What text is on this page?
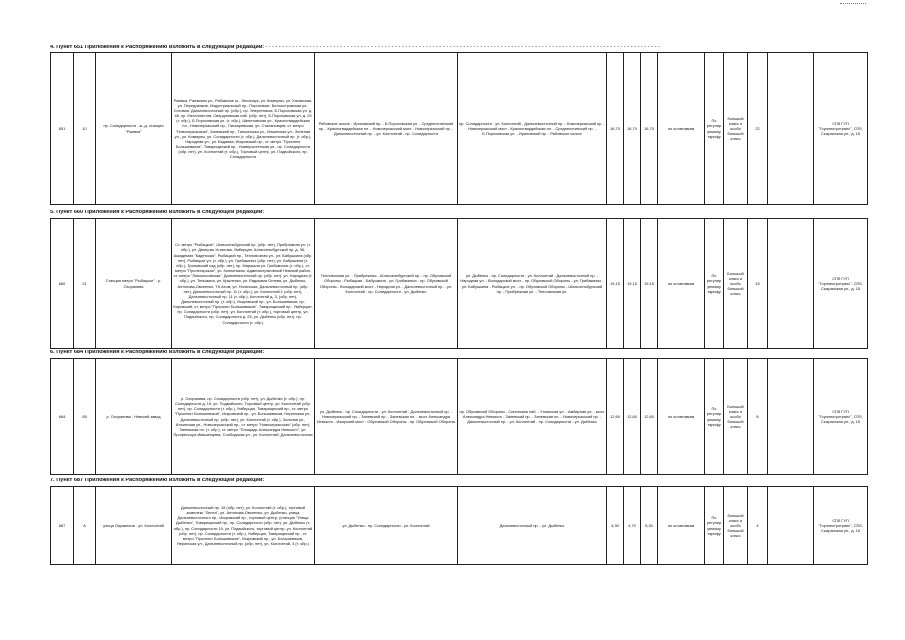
4. Пункт 651 Приложения к Распоряжению изложить в следующей редакции:- - - - - - - - - - - - - - - - - - - - - - - - - - - - - - - - - - - - - - - - - - - - - - - - - - - - - - - - - - - - - - - - - - - - - - - - - - - - - - - - - - - - - - - - - - - - - - - - - - - - - - - - - - - - - - - - - - - -
651	10	пр. Солидарности - ж.-д. станция "Ржевка"	Ржевка, Ржевская ул., Рябовское ш., Лесопарк, ул. Коммуны, ул. Хасанская, ул. Передовиков, Индустриальный пр., Пороховые, Белоостровская ул., Сотовая, Дальневосточный пр. (обр.), пр. Энергетиков, Б.Пороховская ул. д. 48, пр. Металлистов, Свердловская наб. (обр. нет), Б.Пороховская ул. д. 23 (т. обр.), Б.Пороховская ул. (т. обр.), Шепетовская ул., Красногвардейская пл., Новочеркасский пр., Пискаревская, ул. Стахановцев, ст. метро "Новочеркасская", Заневский пр., Тальинская ул., Ильинская ул., Зеленая ул., ул. Коммуны, ул. Солидарности (т. обр.), Дальневосточный пр. (т. обр.), Народная ул., ул. Бадаева, Искровский пр., ст. метро "Проспект Большевиков", Товарищеский пр., Университетская ул., пр. Солидарности (обр. нет), ул. Коллонтай (т. обр.), Торговый центр, ул. Подвойского, пр. Солидарности	Рябовское шоссе - Ириновский пр. - Б.Пороховская ул. - Среднеохтинский пр. - Красногвардейская пл. - Новочеркасский мост - Новочеркасский пр. - Дальневосточный пр. - ул. Коллонтай - пр. Солидарности	пр. Солидарности - ул. Коллонтай - Дальневосточный пр. - Новочеркасский пр. - Новочеркасский мост - Красногвардейская пл. - Среднеохтинский пр. - Б.Пороховская ул. - Ириновский пр. - Рябовское шоссе	16,70	16,70	16,70	по остановкам	По регулируемому тарифу	большой класс и особо большой класс	22		СПб ГУП "Горэлектротранс", СПб, Сызранская ул., д. 15
5. Пункт 660 Приложения к Распоряжению изложить в следующей редакции:
660	21	Станция метро "Рыбацкое" - р. Охоранива	Ст. метро "Рыбацкое", Шлиссельбургский пр. (обр. нет), Прибрежная ул. (т. обр.), ул. Дмитрия Устинова, Умберцан, Шлиссельбургский пр. д. 36, Аккадемия "Кадетская", Рыбацкий пр., Тепловозная ул., ул. Бабушкина (обр. нет), Рыбацкое ул. (т. обр.), ул. Грибакиных (обр. нет), ул. Бабушкина (т. обр.), Триновский сад (обр. нет), пр. Маршала ул. Грибакиных (т. обр.), ст. метро "Пролетарская", ул. Колпинская, Административный Невский район, ст. метро "Ломоносовская", Дальневосточный пр. (обр. нет), ул. Народная (т. обр.), ул. Тельмана, ул. Крыленко, ул. Евдокима Огнева, ул. Дыбенко, Антонова-Овсеенко, ТК Атом, ул. Ногинская, Дальневосточный пр. (обр. нет), Дальневосточный пр. 11 (т. обр.), ул. Коллонтай 1 (обр. нет), Дальневосточный пр. 11 (т. обр.), Коллонтай д. 3, (обр. нет), Дальневосточный пр. (т. обр.), Искровский пр., ул. Большевиков, пр. Кировский, ст. метро "Проспект Большевиков", Товарищеский пр., Умберцан, пр. Солидарности (обр. нет), ул. Коллонтай (т. обр.), торговый центр, ул. Подвойского, пр. Солидарности д. 25, ул. Дыбенко (обр. нет), пр. Солидарности (т. обр.)	Тепловозная ул. - Прибрежная - Шлиссельбургский пр. - пр. Обуховской Обороны - Рыбацкая - Бабушкина - ул. Грибакиных - пр. Обуховской Обороны - Володарский мост - Народная ул. - Дальневосточный пр. - ул. Коллонтай - пр. Солидарности - ул. Дыбенко	ул. Дыбенко - пр. Солидарности - ул. Коллонтай - Дальневосточный пр. - Народная ул. - Володарский мост - пр. Обуховской Обороны - ул. Грибакиных - ул. Бабушкина - Рыбацкое ул. - пр. Обуховской Обороны - Шлиссельбургский пр. - Прибрежная ул. - Тепловозная ул.	19,15	19,15	19,15	по остановкам	По регулируемому тарифу	Большой класс и особо большой класс	15		СПб ГУП "Горэлектротранс", СПб, Сызранская ул., д. 15
6. Пункт 684 Приложения к Распоряжению изложить в следующей редакции:
684	65	р. Охоранива - Невский завод	р. Охоранива, пр. Солидарности (обр. нет), ул. Дыбенко (т. обр.), пр. Солидарности д. 19, ул. Подвойского, Торговый центр, ул. Коллонтай (обр. нет), пр. Солидарности (т. обр.), Умберцан, Товарищеский пр., ст. метро "Проспект Большевиков", Искровский пр., ул. Большевиков, Неринская ул., Дальневосточный пр. (обр. нет), ул. Коллонтай (т. обр.), Зольная ул., Ильинская ул., Новочеркасский пр., ст. метро "Новочеркасская" (обр. нет), Заневская пл. (т. обр.), ст. метро "Площадь Александра Невского", ул. Профессора Ивашенцева, Слободская ул., ул. Коллонтай, Дальневосточная	ул. Дыбенко - пр. Солидарности - ул. Коллонтай - Дальневосточный пр. - Новочеркасский пр. - Заневский пр. - Заневская пл. - мост Александра Невского - Ижорский мост - Обуховской Обороны - пр. Обуховской Обороны	пр. Обуховской Обороны - Синопская наб. - Уткинская ул. - Амбарная ул. - мост Александра Невского - Заневский пр. - Заневская пл. - Новочеркасский пр. - Дальневосточный пр. - ул. Коллонтай - пр. Солидарности - ул. Дыбенко	12,60	12,60	12,60	по остановкам	По регулируемому тарифу	Большой класс и особо большой класс	8		СПб ГУП "Горэлектротранс", СПб, Сызранская ул., д. 15
7. Пункт 687 Приложения к Распоряжению изложить в следующей редакции:
687	А	улица Окраинина - ул. Коллонтай	Дальневосточный пр. 15 (обр. нет), ул. Коллонтай (т. обр.), торговый комплекс "Лента", ул. Антонова-Овсеенко, ул. Дыбенко, улица Дальневосточного пр., Искровский пр., торговый центр, (станция "Улица Дыбенко", Товарищеский пр., пр. Солидарности (обр. нет), ул. Дыбенко (т. обр.), пр. Солидарности 19, ул. Подвойского, торговый центр, ул. Коллонтай (обр. нет), пр. Солидарности (т. обр.), Умберцан, Товарищеский пр., ст. метро "Проспект Большевиков", Искровский пр., ул. Большевиков, Неринская ул., Дальневосточный пр. (обр. нет), ул. Коллонтай, 3 (т. обр.)	ул. Дыбенко - пр. Солидарности - ул. Коллонтай	Дальневосточный пр. - ул. Дыбенко	4,30	4,70	5,30	по остановкам	По регулируемому тарифу	большой класс и особо большой класс	4		СПб ГУП "Горэлектротранс", СПб, Сызранская ул., д. 15
